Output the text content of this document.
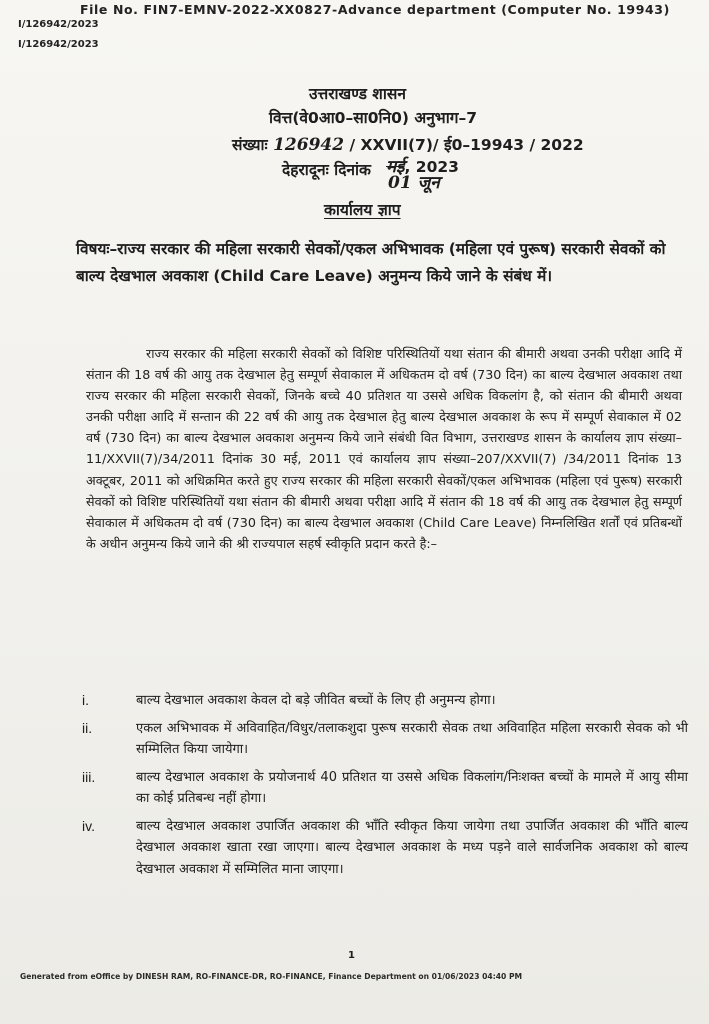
File No. FIN7-EMNV-2022-XX0827-Advance department (Computer No. 19943)
I/126942/2023
I/126942/2023
उत्तराखण्ड शासन
वित्त(वे0आ0–सा0नि0) अनुभाग–7
संख्याः 126942 / XXVII(7)/ ई0–19943 / 2022
देहरादूनः दिनांक मई, 2023
01 जून
कार्यालय ज्ञाप
विषयः–राज्य सरकार की महिला सरकारी सेवकों/एकल अभिभावक (महिला एवं पुरूष) सरकारी सेवकों को बाल्य देखभाल अवकाश (Child Care Leave) अनुमन्य किये जाने के संबंध में।
राज्य सरकार की महिला सरकारी सेवकों को विशिष्ट परिस्थितियों यथा संतान की बीमारी अथवा उनकी परीक्षा आदि में संतान की 18 वर्ष की आयु तक देखभाल हेतु सम्पूर्ण सेवाकाल में अधिकतम दो वर्ष (730 दिन) का बाल्य देखभाल अवकाश तथा राज्य सरकार की महिला सरकारी सेवकों, जिनके बच्चे 40 प्रतिशत या उससे अधिक विकलांग है, को संतान की बीमारी अथवा उनकी परीक्षा आदि में सन्तान की 22 वर्ष की आयु तक देखभाल हेतु बाल्य देखभाल अवकाश के रूप में सम्पूर्ण सेवाकाल में 02 वर्ष (730 दिन) का बाल्य देखभाल अवकाश अनुमन्य किये जाने संबंधी वित विभाग, उत्तराखण्ड शासन के कार्यालय ज्ञाप संख्या–11/XXVII(7)/34/2011 दिनांक 30 मई, 2011 एवं कार्यालय ज्ञाप संख्या–207/XXVII(7) /34/2011 दिनांक 13 अक्टूबर, 2011 को अधिक्रमित करते हुए राज्य सरकार की महिला सरकारी सेवकों/एकल अभिभावक (महिला एवं पुरूष) सरकारी सेवकों को विशिष्ट परिस्थितियों यथा संतान की बीमारी अथवा परीक्षा आदि में संतान की 18 वर्ष की आयु तक देखभाल हेतु सम्पूर्ण सेवाकाल में अधिकतम दो वर्ष (730 दिन) का बाल्य देखभाल अवकाश (Child Care Leave) निम्नलिखित शर्तों एवं प्रतिबन्धों के अधीन अनुमन्य किये जाने की श्री राज्यपाल सहर्ष स्वीकृति प्रदान करते है:–
i.	बाल्य देखभाल अवकाश केवल दो बड़े जीवित बच्चों के लिए ही अनुमन्य होगा।
ii.	एकल अभिभावक में अविवाहित/विधुर/तलाकशुदा पुरूष सरकारी सेवक तथा अविवाहित महिला सरकारी सेवक को भी सम्मिलित किया जायेगा।
iii.	बाल्य देखभाल अवकाश के प्रयोजनार्थ 40 प्रतिशत या उससे अधिक विकलांग/निःशक्त बच्चों के मामले में आयु सीमा का कोई प्रतिबन्ध नहीं होगा।
iv.	बाल्य देखभाल अवकाश उपार्जित अवकाश की भाँति स्वीकृत किया जायेगा तथा उपार्जित अवकाश की भाँति बाल्य देखभाल अवकाश खाता रखा जाएगा। बाल्य देखभाल अवकाश के मध्य पड़ने वाले सार्वजनिक अवकाश को बाल्य देखभाल अवकाश में सम्मिलित माना जाएगा।
1
Generated from eOffice by DINESH RAM, RO-FINANCE-DR, RO-FINANCE, Finance Department on 01/06/2023 04:40 PM
